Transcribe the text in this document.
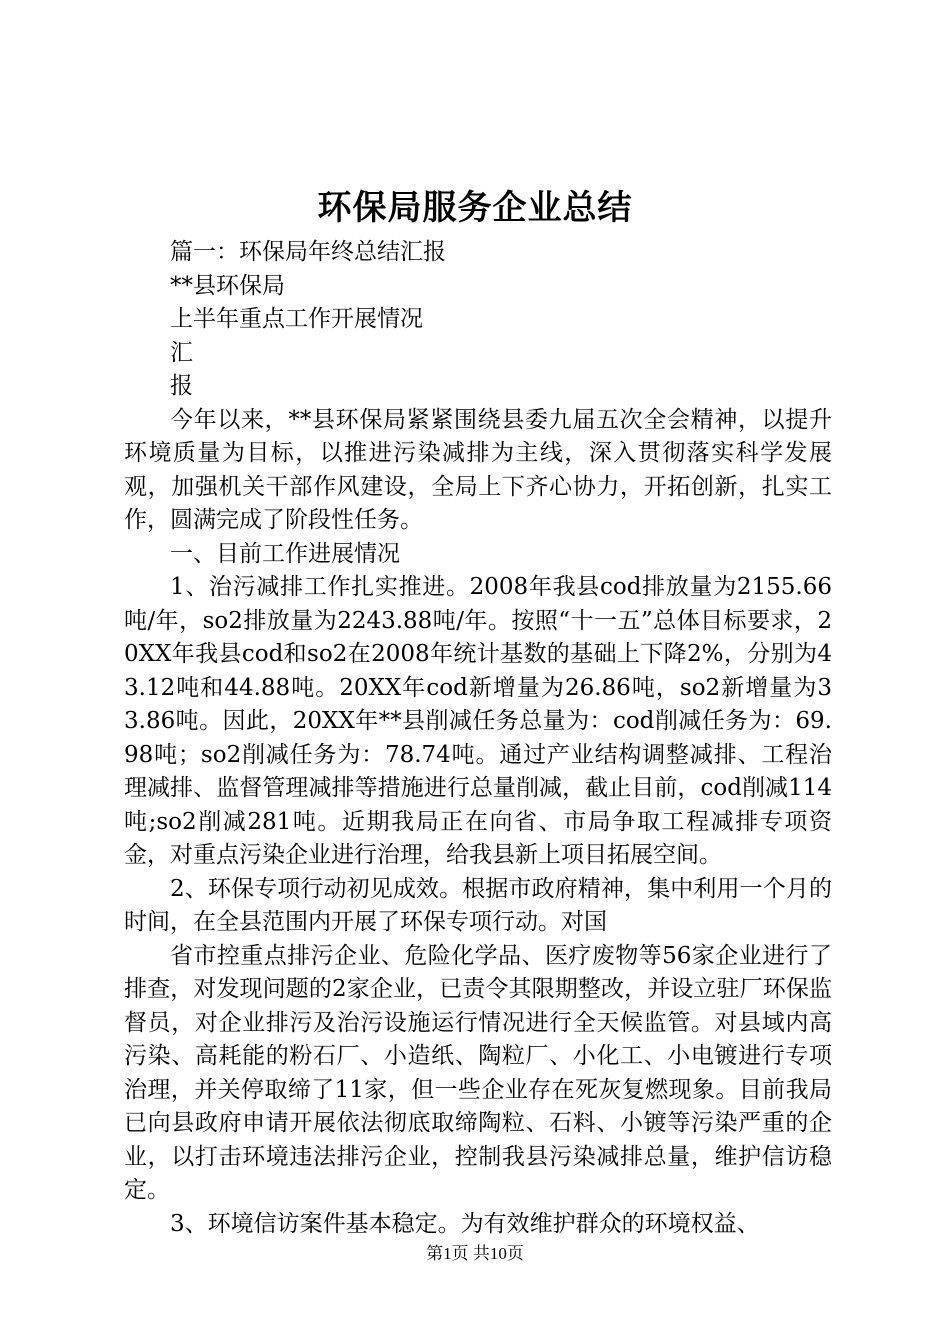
环保局服务企业总结

篇一：环保局年终总结汇报

**县环保局

上半年重点工作开展情况

汇

报

今年以来，**县环保局紧紧围绕县委九届五次全会精神，以提升环境质量为目标，以推进污染减排为主线，深入贯彻落实科学发展观，加强机关干部作风建设，全局上下齐心协力，开拓创新，扎实工作，圆满完成了阶段性任务。

一、目前工作进展情况

1、治污减排工作扎实推进。2008年我县cod排放量为2155.66吨/年，so2排放量为2243.88吨/年。按照“十一五”总体目标要求，20XX年我县cod和so2在2008年统计基数的基础上下降2%，分别为43.12吨和44.88吨。20XX年cod新增量为26.86吨，so2新增量为33.86吨。因此，20XX年**县削减任务总量为：cod削减任务为：69.98吨；so2削减任务为：78.74吨。通过产业结构调整减排、工程治理减排、监督管理减排等措施进行总量削减，截止目前，cod削减114吨;so2削减281吨。近期我局正在向省、市局争取工程减排专项资金，对重点污染企业进行治理，给我县新上项目拓展空间。

2、环保专项行动初见成效。根据市政府精神，集中利用一个月的时间，在全县范围内开展了环保专项行动。对国

省市控重点排污企业、危险化学品、医疗废物等56家企业进行了排查，对发现问题的2家企业，已责令其限期整改，并设立驻厂环保监督员，对企业排污及治污设施运行情况进行全天候监管。对县域内高污染、高耗能的粉石厂、小造纸、陶粒厂、小化工、小电镀进行专项治理，并关停取缔了11家，但一些企业存在死灰复燃现象。目前我局已向县政府申请开展依法彻底取缔陶粒、石料、小镀等污染严重的企业，以打击环境违法排污企业，控制我县污染减排总量，维护信访稳定。

3、环境信访案件基本稳定。为有效维护群众的环境权益、

第1页 共10页
